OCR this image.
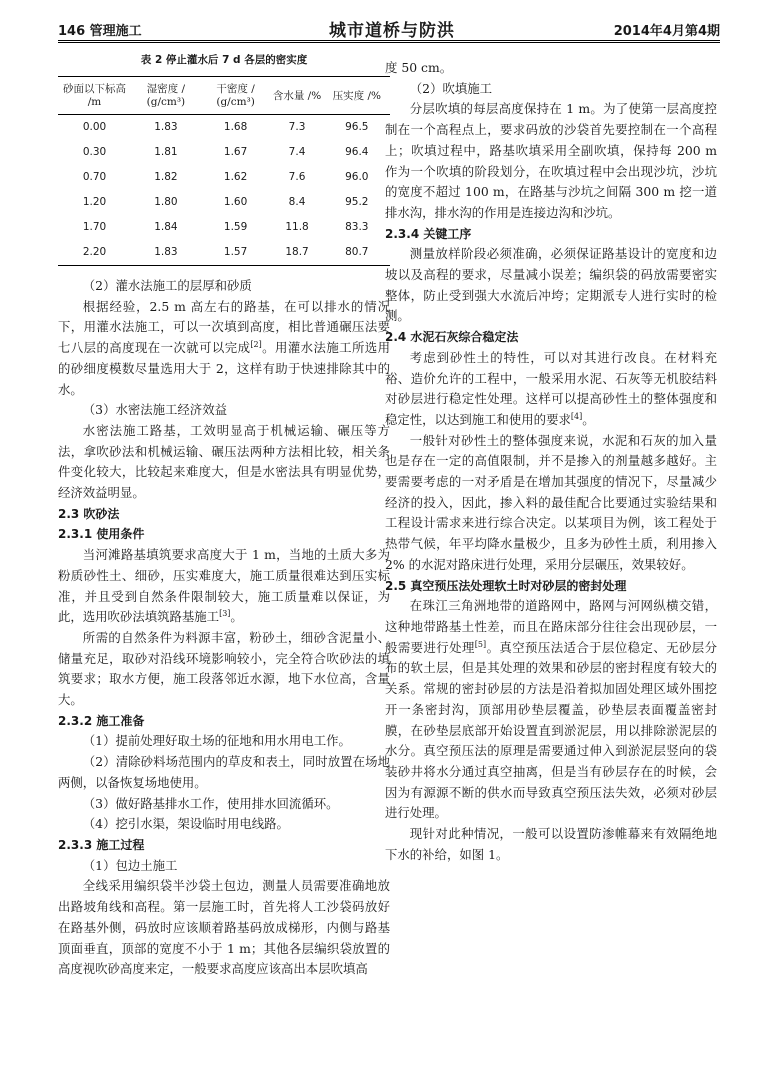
146 管理施工	城市道桥与防洪	2014年4月第4期
表 2 停止灌水后 7 d 各层的密实度
砂面以下标高 /m	湿密度 / (g/cm³)	干密度 / (g/cm³)	含水量 /%	压实度 /%
0.00	1.83	1.68	7.3	96.5
0.30	1.81	1.67	7.4	96.4
0.70	1.82	1.62	7.6	96.0
1.20	1.80	1.60	8.4	95.2
1.70	1.84	1.59	11.8	83.3
2.20	1.83	1.57	18.7	80.7

（2）灌水法施工的层厚和砂质

根据经验，2.5 m 高左右的路基，在可以排水的情况下，用灌水法施工，可以一次填到高度，相比普通碾压法要七八层的高度现在一次就可以完成[2]。用灌水法施工所选用的砂细度模数尽量选用大于 2，这样有助于快速排除其中的水。

（3）水密法施工经济效益

水密法施工路基，工效明显高于机械运输、碾压等方法，拿吹砂法和机械运输、碾压法两种方法相比较，相关条件变化较大，比较起来难度大，但是水密法具有明显优势，经济效益明显。

2.3 吹砂法

2.3.1 使用条件

当河滩路基填筑要求高度大于 1 m，当地的土质大多为粉质砂性土、细砂，压实难度大，施工质量很难达到压实标准，并且受到自然条件限制较大，施工质量难以保证，为此，选用吹砂法填筑路基施工[3]。

所需的自然条件为料源丰富，粉砂土，细砂含泥量小、储量充足，取砂对沿线环境影响较小，完全符合吹砂法的填筑要求；取水方便，施工段落邻近水源，地下水位高，含量大。

2.3.2 施工准备

（1）提前处理好取土场的征地和用水用电工作。

（2）清除砂料场范围内的草皮和表土，同时放置在场地两侧，以备恢复场地使用。

（3）做好路基排水工作，使用排水回流循环。

（4）挖引水渠，架设临时用电线路。

2.3.3 施工过程

（1）包边土施工

全线采用编织袋半沙袋土包边，测量人员需要准确地放出路坡角线和高程。第一层施工时，首先将人工沙袋码放好在路基外侧，码放时应该顺着路基码放成梯形，内侧与路基顶面垂直，顶部的宽度不小于 1 m；其他各层编织袋放置的高度视吹砂高度来定，一般要求高度应该高出本层吹填高

度 50 cm。

（2）吹填施工

分层吹填的每层高度保持在 1 m。为了使第一层高度控制在一个高程点上，要求码放的沙袋首先要控制在一个高程上；吹填过程中，路基吹填采用全副吹填，保持每 200 m 作为一个吹填的阶段划分，在吹填过程中会出现沙坑，沙坑的宽度不超过 100 m，在路基与沙坑之间隔 300 m 挖一道排水沟，排水沟的作用是连接边沟和沙坑。

2.3.4 关键工序

测量放样阶段必须准确，必须保证路基设计的宽度和边坡以及高程的要求，尽量减小误差；编织袋的码放需要密实整体，防止受到强大水流后冲垮；定期派专人进行实时的检测。

2.4 水泥石灰综合稳定法

考虑到砂性土的特性，可以对其进行改良。在材料充裕、造价允许的工程中，一般采用水泥、石灰等无机胶结料对砂层进行稳定性处理。这样可以提高砂性土的整体强度和稳定性，以达到施工和使用的要求[4]。

一般针对砂性土的整体强度来说，水泥和石灰的加入量也是存在一定的高值限制，并不是掺入的剂量越多越好。主要需要考虑的一对矛盾是在增加其强度的情况下，尽量减少经济的投入，因此，掺入料的最佳配合比要通过实验结果和工程设计需求来进行综合决定。以某项目为例，该工程处于热带气候，年平均降水量极少，且多为砂性土质，利用掺入 2% 的水泥对路床进行处理，采用分层碾压，效果较好。

2.5 真空预压法处理软土时对砂层的密封处理

在珠江三角洲地带的道路网中，路网与河网纵横交错，这种地带路基土性差，而且在路床部分往往会出现砂层，一般需要进行处理[5]。真空预压法适合于层位稳定、无砂层分布的软土层，但是其处理的效果和砂层的密封程度有较大的关系。常规的密封砂层的方法是沿着拟加固处理区域外围挖开一条密封沟，顶部用砂垫层覆盖，砂垫层表面覆盖密封膜，在砂垫层底部开始设置直到淤泥层，用以排除淤泥层的水分。真空预压法的原理是需要通过伸入到淤泥层竖向的袋装砂井将水分通过真空抽离，但是当有砂层存在的时候，会因为有源源不断的供水而导致真空预压法失效，必须对砂层进行处理。

现针对此种情况，一般可以设置防渗帷幕来有效隔绝地下水的补给，如图 1。
